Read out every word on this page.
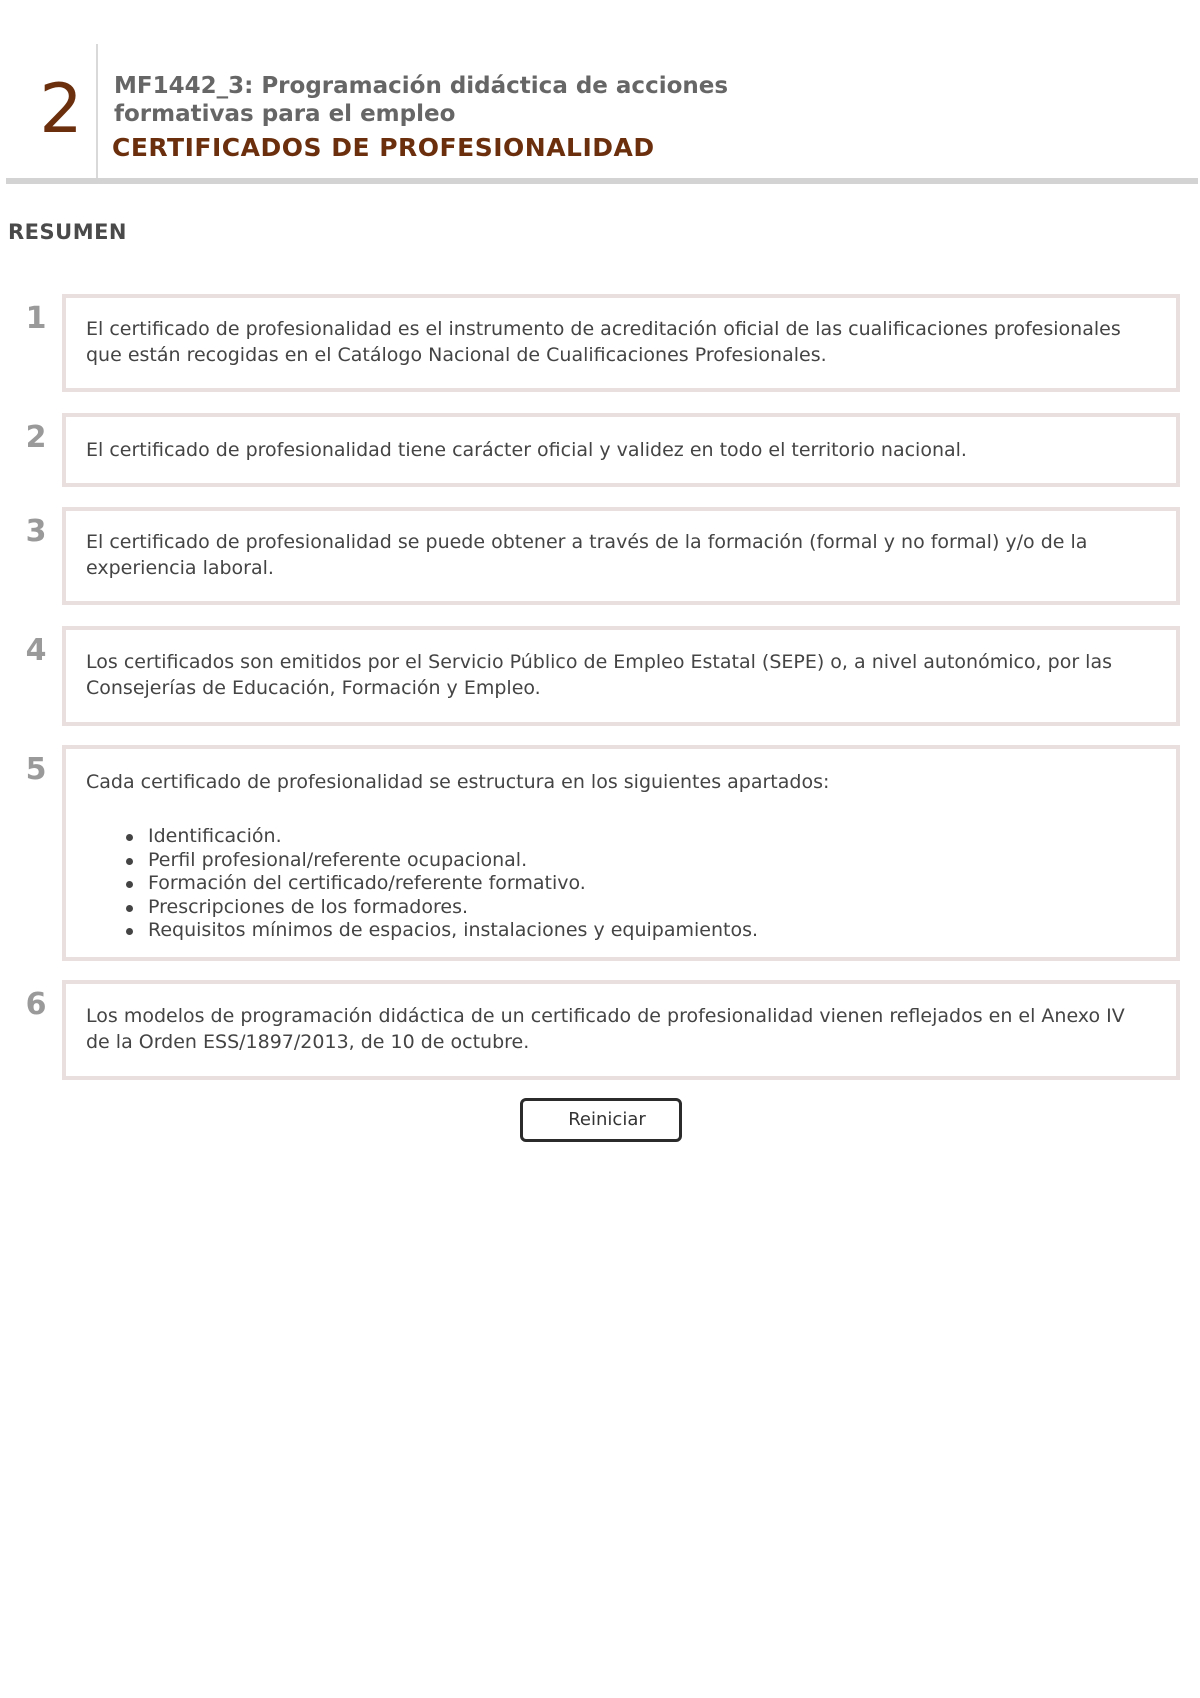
2	MF1442_3: Programación didáctica de acciones
formativas para el empleo
CERTIFICADOS DE PROFESIONALIDAD
RESUMEN
1 El certificado de profesionalidad es el instrumento de acreditación oficial de las cualificaciones profesionales
que están recogidas en el Catálogo Nacional de Cualificaciones Profesionales.
2 El certificado de profesionalidad tiene carácter oficial y validez en todo el territorio nacional.
3 El certificado de profesionalidad se puede obtener a través de la formación (formal y no formal) y/o de la
experiencia laboral.
4 Los certificados son emitidos por el Servicio Público de Empleo Estatal (SEPE) o, a nivel autonómico, por las
Consejerías de Educación, Formación y Empleo.
5 Cada certificado de profesionalidad se estructura en los siguientes apartados:
Identificación.
Perfil profesional/referente ocupacional.
Formación del certificado/referente formativo.
Prescripciones de los formadores.
Requisitos mínimos de espacios, instalaciones y equipamientos.
6 Los modelos de programación didáctica de un certificado de profesionalidad vienen reflejados en el Anexo IV
de la Orden ESS/1897/2013, de 10 de octubre.
Reiniciar
